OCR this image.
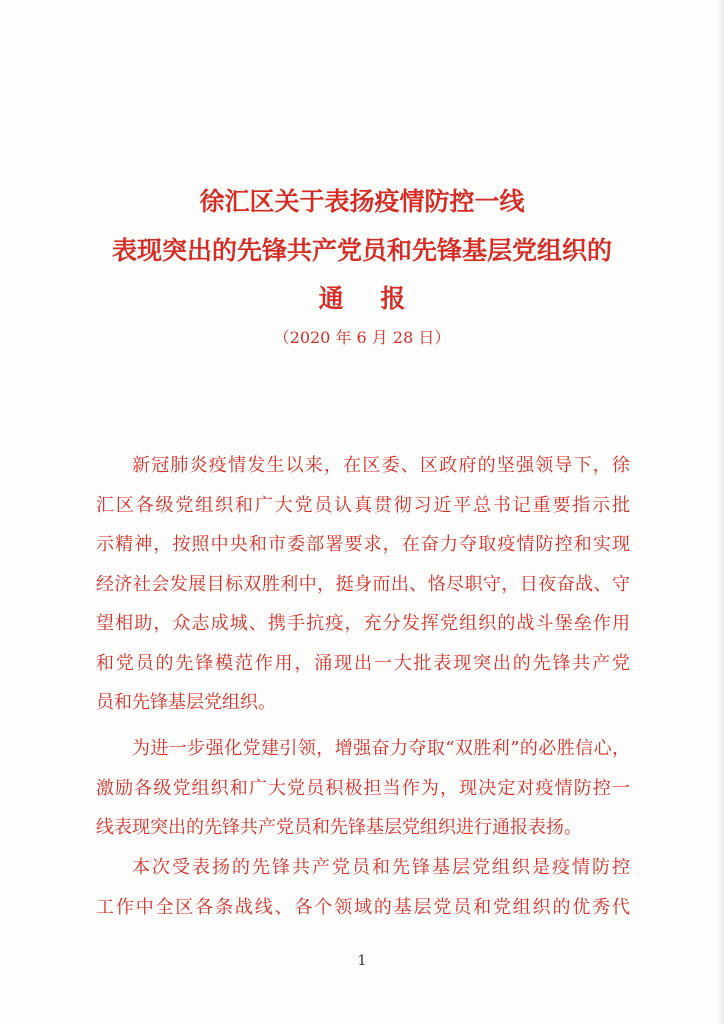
徐汇区关于表扬疫情防控一线
表现突出的先锋共产党员和先锋基层党组织的
通 报
（2020 年 6 月 28 日）
新冠肺炎疫情发生以来，在区委、区政府的坚强领导下，徐
汇区各级党组织和广大党员认真贯彻习近平总书记重要指示批
示精神，按照中央和市委部署要求，在奋力夺取疫情防控和实现
经济社会发展目标双胜利中，挺身而出、恪尽职守，日夜奋战、守
望相助，众志成城、携手抗疫，充分发挥党组织的战斗堡垒作用
和党员的先锋模范作用，涌现出一大批表现突出的先锋共产党
员和先锋基层党组织。
为进一步强化党建引领，增强奋力夺取“双胜利”的必胜信心，
激励各级党组织和广大党员积极担当作为，现决定对疫情防控一
线表现突出的先锋共产党员和先锋基层党组织进行通报表扬。
本次受表扬的先锋共产党员和先锋基层党组织是疫情防控
工作中全区各条战线、各个领域的基层党员和党组织的优秀代
1
